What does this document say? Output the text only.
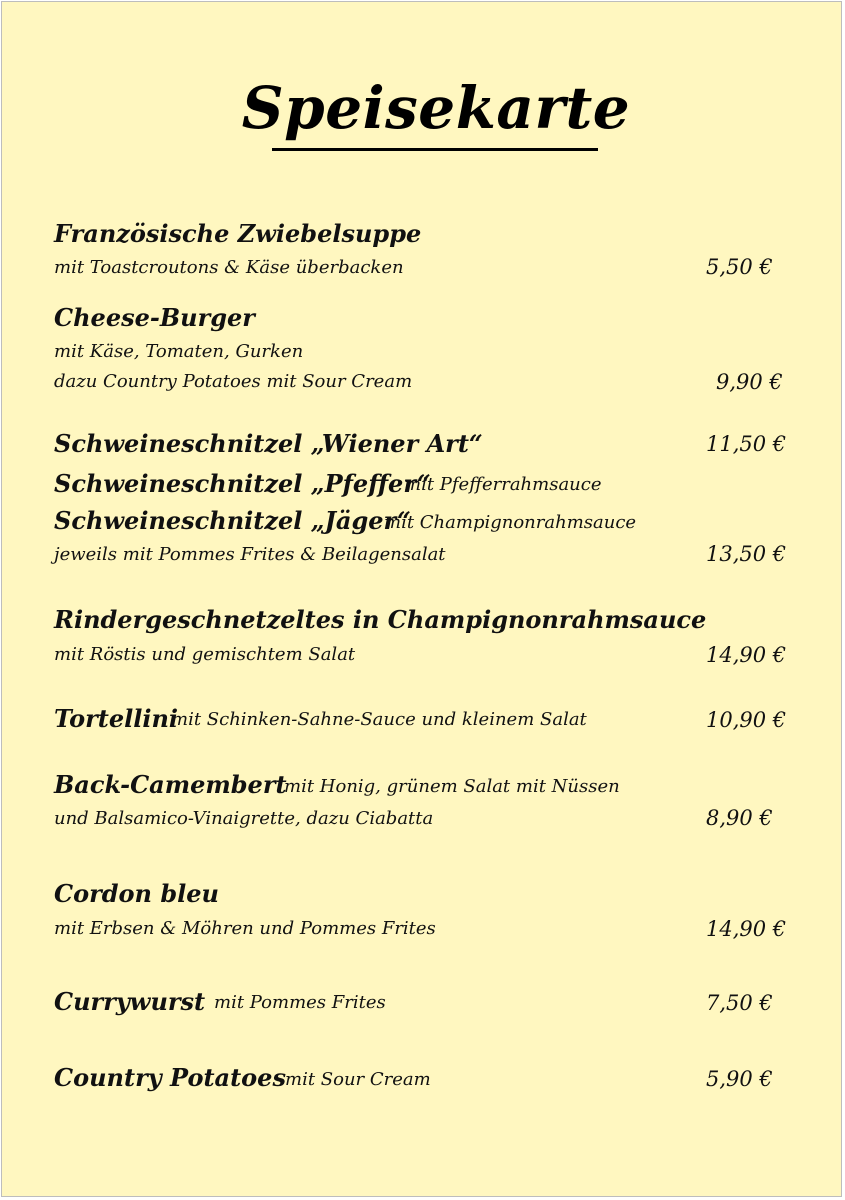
Speisekarte
Französische Zwiebelsuppe
mit Toastcroutons & Käse überbacken	5,50 €
Cheese-Burger
mit Käse, Tomaten, Gurken
dazu Country Potatoes mit Sour Cream	9,90 €
Schweineschnitzel „Wiener Art“	11,50 €
Schweineschnitzel „Pfeffer“
mit Pfefferrahmsauce
Schweineschnitzel „Jäger“
mit Champignonrahmsauce
jeweils mit Pommes Frites & Beilagensalat	13,50 €
Rindergeschnetzeltes in Champignonrahmsauce
mit Röstis und gemischtem Salat	14,90 €
Tortellini
mit Schinken-Sahne-Sauce und kleinem Salat	10,90 €
Back-Camembert
mit Honig, grünem Salat mit Nüssen
und Balsamico-Vinaigrette, dazu Ciabatta	8,90 €
Cordon bleu
mit Erbsen & Möhren und Pommes Frites	14,90 €
Currywurst mit Pommes Frites	7,50 €
Country Potatoes mit Sour Cream	5,90 €
